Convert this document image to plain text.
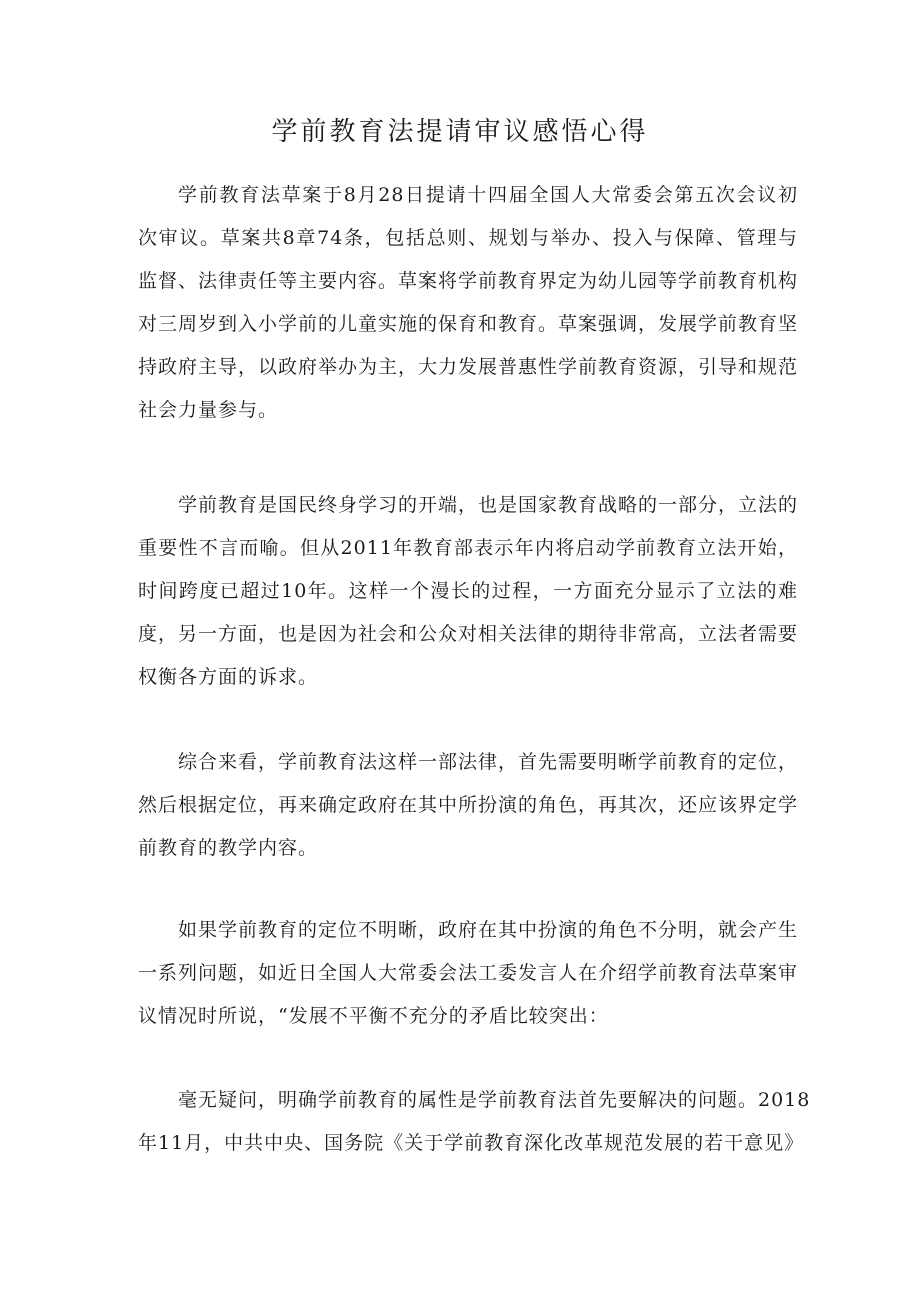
学前教育法提请审议感悟心得
学前教育法草案于8月28日提请十四届全国人大常委会第五次会议初
次审议。草案共8章74条，包括总则、规划与举办、投入与保障、管理与
监督、法律责任等主要内容。草案将学前教育界定为幼儿园等学前教育机构
对三周岁到入小学前的儿童实施的保育和教育。草案强调，发展学前教育坚
持政府主导，以政府举办为主，大力发展普惠性学前教育资源，引导和规范
社会力量参与。
学前教育是国民终身学习的开端，也是国家教育战略的一部分，立法的
重要性不言而喻。但从2011年教育部表示年内将启动学前教育立法开始，
时间跨度已超过10年。这样一个漫长的过程，一方面充分显示了立法的难
度，另一方面，也是因为社会和公众对相关法律的期待非常高，立法者需要
权衡各方面的诉求。
综合来看，学前教育法这样一部法律，首先需要明晰学前教育的定位，
然后根据定位，再来确定政府在其中所扮演的角色，再其次，还应该界定学
前教育的教学内容。
如果学前教育的定位不明晰，政府在其中扮演的角色不分明，就会产生
一系列问题，如近日全国人大常委会法工委发言人在介绍学前教育法草案审
议情况时所说，“发展不平衡不充分的矛盾比较突出：
毫无疑问，明确学前教育的属性是学前教育法首先要解决的问题。2018
年11月，中共中央、国务院《关于学前教育深化改革规范发展的若干意见》
